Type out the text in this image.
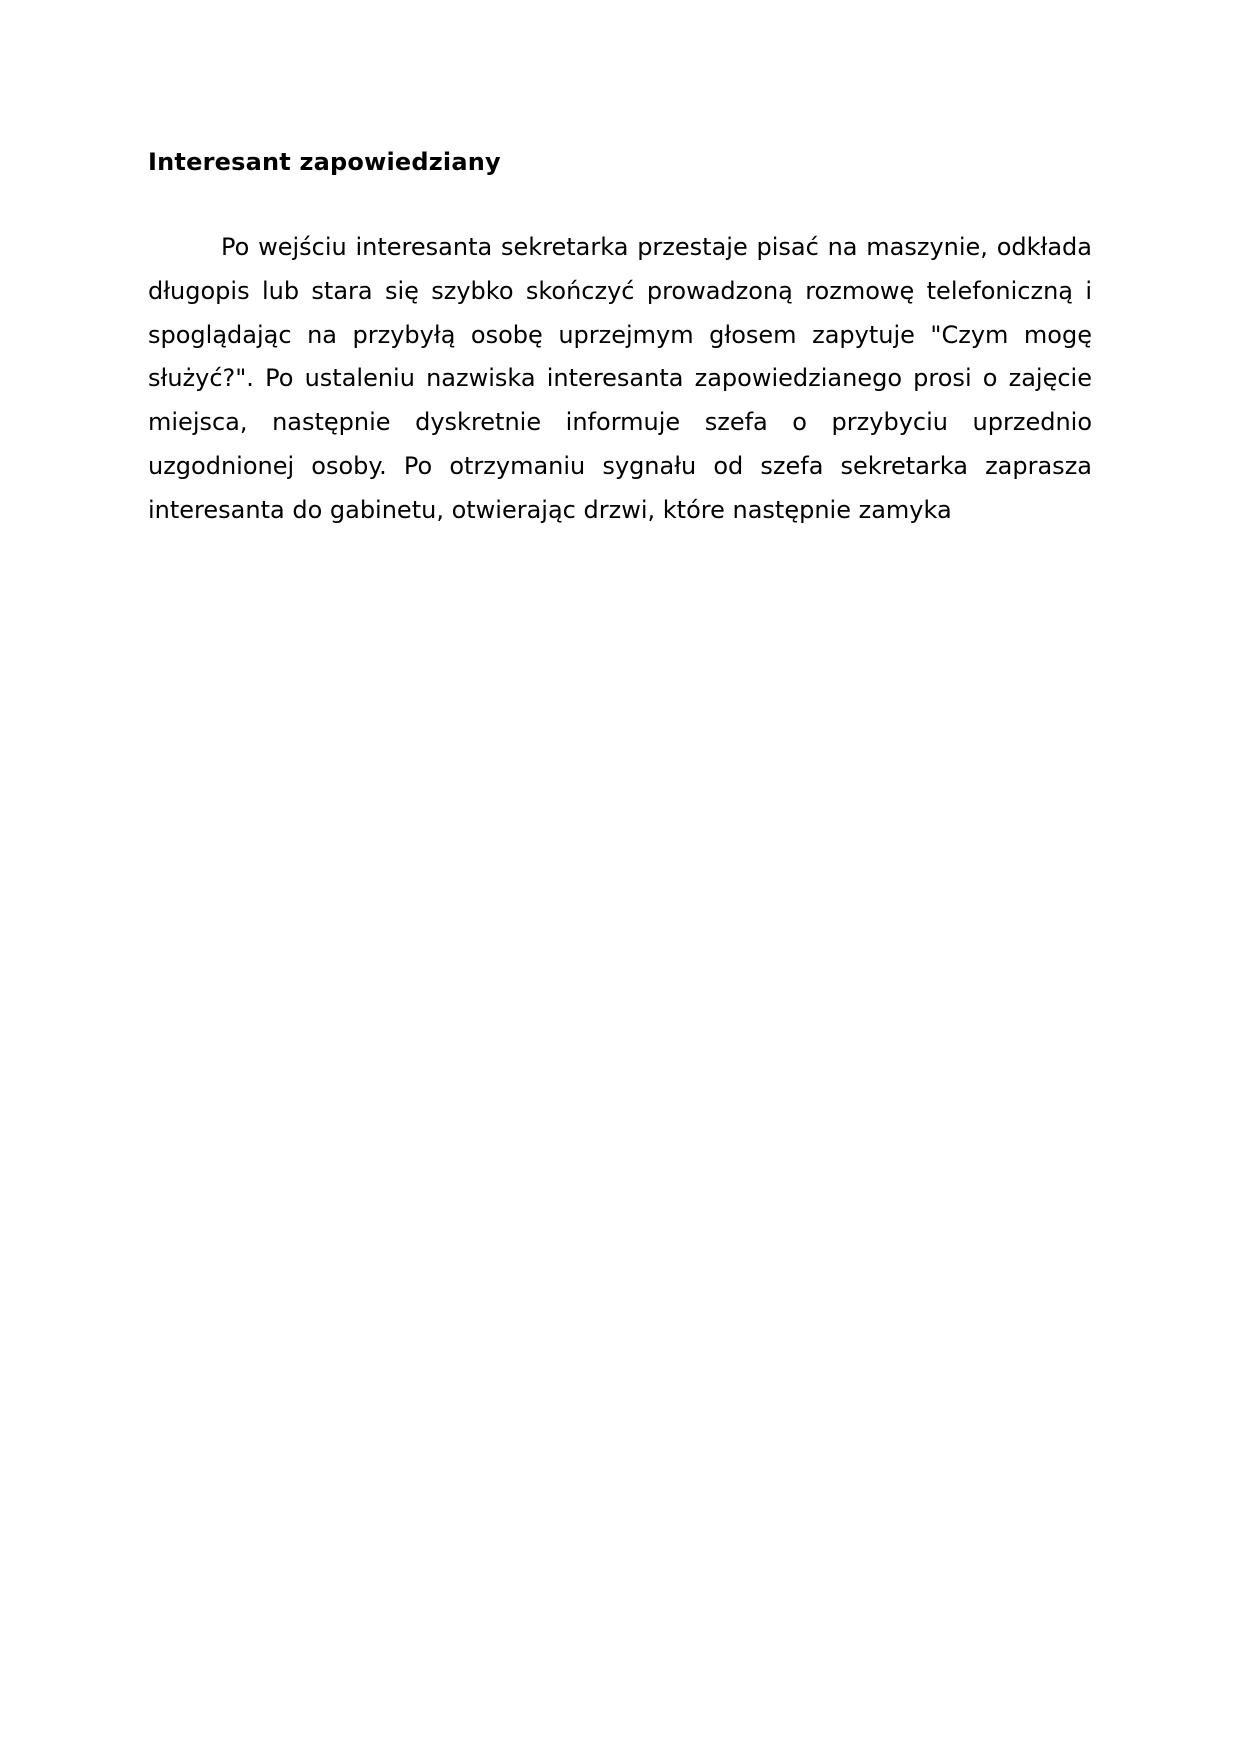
Interesant zapowiedziany

Po wejściu interesanta sekretarka przestaje pisać na maszynie, odkłada długopis lub stara się szybko skończyć prowadzoną rozmowę telefoniczną i spoglądając na przybyłą osobę uprzejmym głosem zapytuje "Czym mogę służyć?". Po ustaleniu nazwiska interesanta zapowiedzianego prosi o zajęcie miejsca, następnie dyskretnie informuje szefa o przybyciu uprzednio uzgodnionej osoby. Po otrzymaniu sygnału od szefa sekretarka zaprasza interesanta do gabinetu, otwierając drzwi, które następnie zamyka
